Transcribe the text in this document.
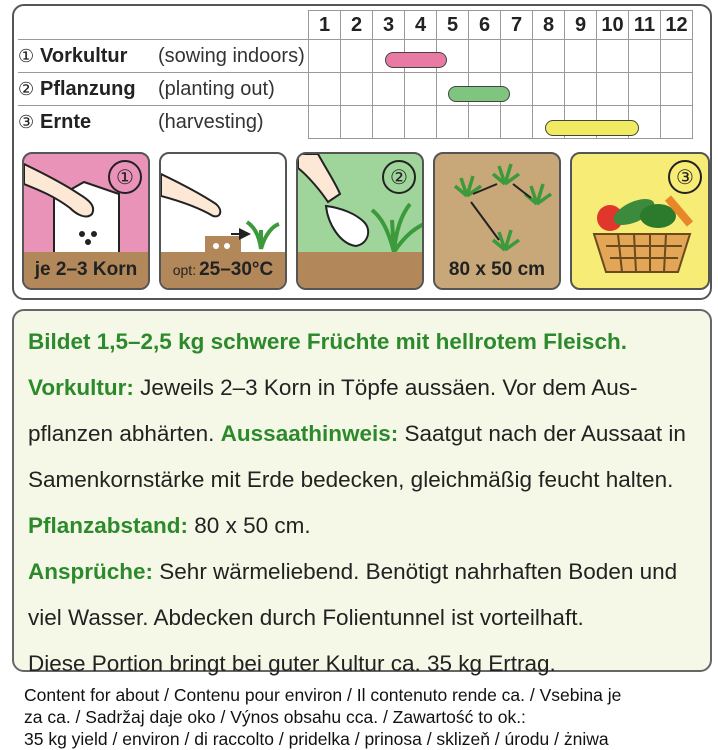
	1	2	3	4	5	6	7	8	9	10	11	12
① Vorkultur (sowing indoors)												
② Pflanzung (planting out)												
③ Ernte (harvesting)												
①
je 2–3 Korn	opt: 25–30°C
②
80 x 50 cm
③

Bildet 1,5–2,5 kg schwere Früchte mit hellrotem Fleisch.

Vorkultur: Jeweils 2–3 Korn in Töpfe aussäen. Vor dem Aus-

pflanzen abhärten. Aussaathinweis: Saatgut nach der Aussaat in

Samenkornstärke mit Erde bedecken, gleichmäßig feucht halten.

Pflanzabstand: 80 x 50 cm.

Ansprüche: Sehr wärmeliebend. Benötigt nahrhaften Boden und

viel Wasser. Abdecken durch Folientunnel ist vorteilhaft.

Diese Portion bringt bei guter Kultur ca. 35 kg Ertrag.

Content for about / Contenu pour environ / Il contenuto rende ca. / Vsebina je
za ca. / Sadržaj daje oko / Výnos obsahu cca. / Zawartość to ok.:
35 kg yield / environ / di raccolto / pridelka / prinosa / sklizeň / úrodu / żniwa
